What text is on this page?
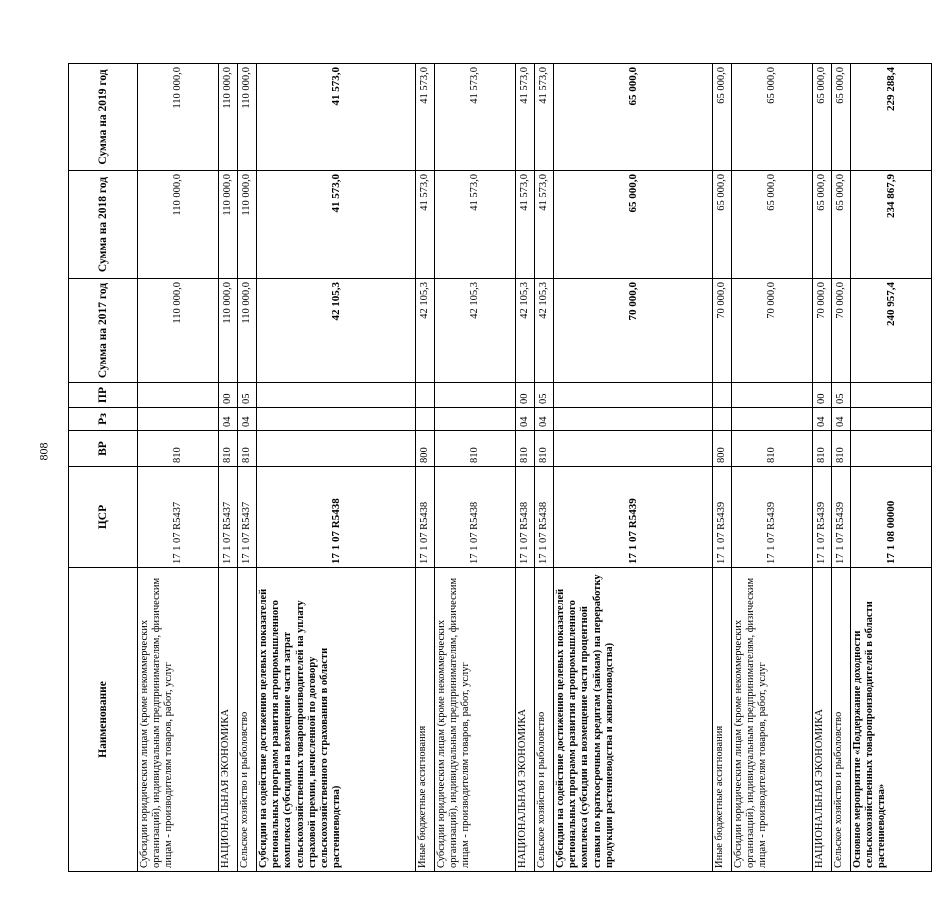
808
Наименование	ЦСР	ВР	Рз	ПР	Сумма на 2017 год	Сумма на 2018 год	Сумма на 2019 год
Субсидии юридическим лицам (кроме некоммерческих организаций), индивидуальным предпринимателям, физическим лицам - производителям товаров, работ, услуг	17 1 07 R5437	810			110 000,0	110 000,0	110 000,0
НАЦИОНАЛЬНАЯ ЭКОНОМИКА	17 1 07 R5437	810	04	00	110 000,0	110 000,0	110 000,0
Сельское хозяйство и рыболовство	17 1 07 R5437	810	04	05	110 000,0	110 000,0	110 000,0
Субсидии на содействие достижению целевых показателей региональных программ развития агропромышленного комплекса (субсидии на возмещение части затрат сельскохозяйственных товаропроизводителей на уплату страховой премии, начисленной по договору сельскохозяйственного страхования в области растениеводства)	17 1 07 R5438				42 105,3	41 573,0	41 573,0
Иные бюджетные ассигнования	17 1 07 R5438	800			42 105,3	41 573,0	41 573,0
Субсидии юридическим лицам (кроме некоммерческих организаций), индивидуальным предпринимателям, физическим лицам - производителям товаров, работ, услуг	17 1 07 R5438	810			42 105,3	41 573,0	41 573,0
НАЦИОНАЛЬНАЯ ЭКОНОМИКА	17 1 07 R5438	810	04	00	42 105,3	41 573,0	41 573,0
Сельское хозяйство и рыболовство	17 1 07 R5438	810	04	05	42 105,3	41 573,0	41 573,0
Субсидии на содействие достижению целевых показателей региональных программ развития агропромышленного комплекса (субсидии на возмещение части процентной ставки по краткосрочным кредитам (займам) на переработку продукции растениеводства и животноводства)	17 1 07 R5439				70 000,0	65 000,0	65 000,0
Иные бюджетные ассигнования	17 1 07 R5439	800			70 000,0	65 000,0	65 000,0
Субсидии юридическим лицам (кроме некоммерческих организаций), индивидуальным предпринимателям, физическим лицам - производителям товаров, работ, услуг	17 1 07 R5439	810			70 000,0	65 000,0	65 000,0
НАЦИОНАЛЬНАЯ ЭКОНОМИКА	17 1 07 R5439	810	04	00	70 000,0	65 000,0	65 000,0
Сельское хозяйство и рыболовство	17 1 07 R5439	810	04	05	70 000,0	65 000,0	65 000,0
Основное мероприятие «Поддержание доходности сельскохозяйственных товаропроизводителей в области растениеводства»	17 1 08 00000				240 957,4	234 867,9	229 288,4
